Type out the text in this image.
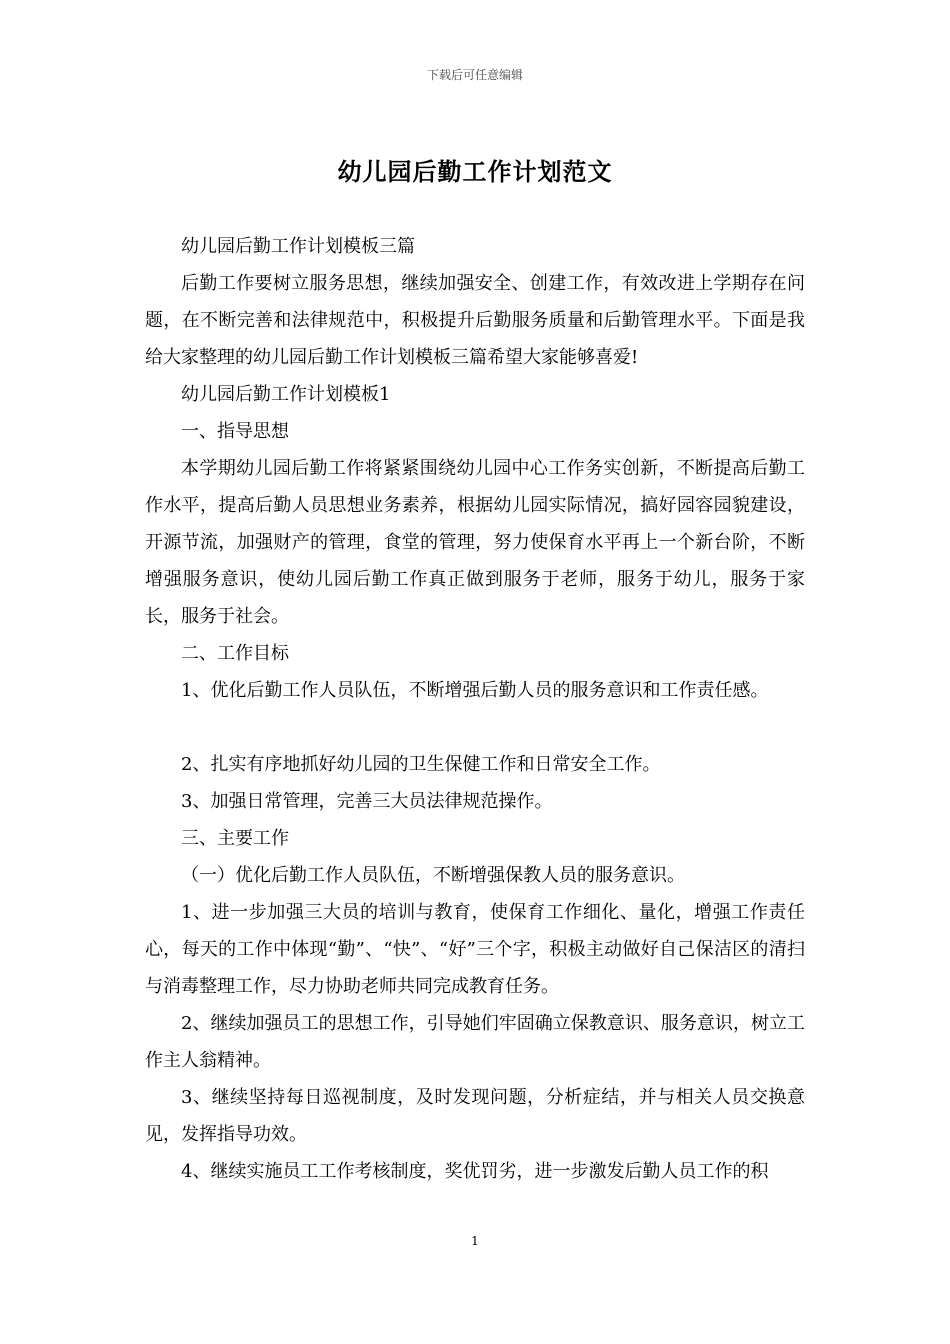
下载后可任意编辑
幼儿园后勤工作计划范文

幼儿园后勤工作计划模板三篇

后勤工作要树立服务思想，继续加强安全、创建工作，有效改进上学期存在问题，在不断完善和法律规范中，积极提升后勤服务质量和后勤管理水平。下面是我给大家整理的幼儿园后勤工作计划模板三篇希望大家能够喜爱!

幼儿园后勤工作计划模板1

一、指导思想

本学期幼儿园后勤工作将紧紧围绕幼儿园中心工作务实创新，不断提高后勤工作水平，提高后勤人员思想业务素养，根据幼儿园实际情况，搞好园容园貌建设，开源节流，加强财产的管理，食堂的管理，努力使保育水平再上一个新台阶，不断增强服务意识，使幼儿园后勤工作真正做到服务于老师，服务于幼儿，服务于家长，服务于社会。

二、工作目标

1、优化后勤工作人员队伍，不断增强后勤人员的服务意识和工作责任感。

2、扎实有序地抓好幼儿园的卫生保健工作和日常安全工作。

3、加强日常管理，完善三大员法律规范操作。

三、主要工作

（一）优化后勤工作人员队伍，不断增强保教人员的服务意识。

1、进一步加强三大员的培训与教育，使保育工作细化、量化，增强工作责任心，每天的工作中体现“勤”、“快”、“好”三个字，积极主动做好自己保洁区的清扫与消毒整理工作，尽力协助老师共同完成教育任务。

2、继续加强员工的思想工作，引导她们牢固确立保教意识、服务意识，树立工作主人翁精神。

3、继续坚持每日巡视制度，及时发现问题，分析症结，并与相关人员交换意见，发挥指导功效。

4、继续实施员工工作考核制度，奖优罚劣，进一步激发后勤人员工作的积

1
